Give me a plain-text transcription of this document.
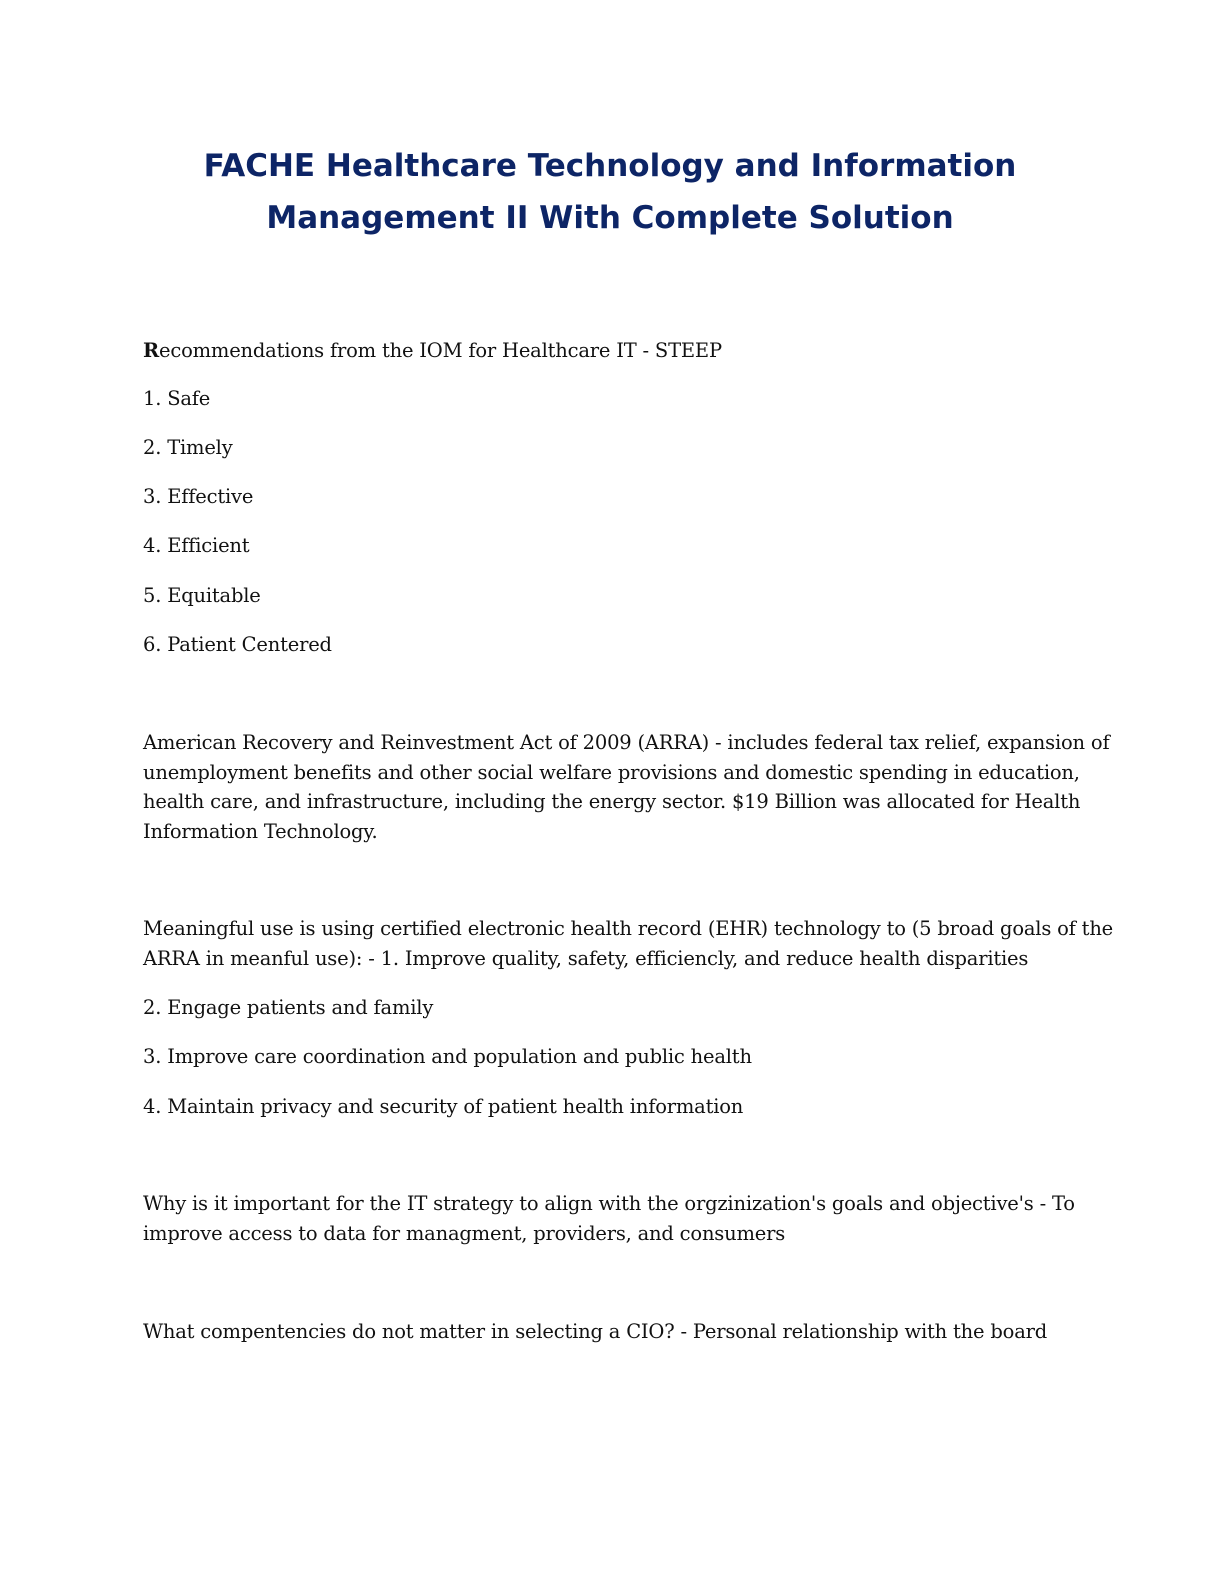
FACHE Healthcare Technology and Information
Management II With Complete Solution
Recommendations from the IOM for Healthcare IT - STEEP
1. Safe
2. Timely
3. Effective
4. Efficient
5. Equitable
6. Patient Centered

American Recovery and Reinvestment Act of 2009 (ARRA) - includes federal tax relief, expansion of
unemployment benefits and other social welfare provisions and domestic spending in education,
health care, and infrastructure, including the energy sector. $19 Billion was allocated for Health
Information Technology.

Meaningful use is using certified electronic health record (EHR) technology to (5 broad goals of the
ARRA in meanful use): - 1. Improve quality, safety, efficiencly, and reduce health disparities

2. Engage patients and family
3. Improve care coordination and population and public health
4. Maintain privacy and security of patient health information

Why is it important for the IT strategy to align with the orgzinization's goals and objective's - To
improve access to data for managment, providers, and consumers

What compentencies do not matter in selecting a CIO? - Personal relationship with the board
